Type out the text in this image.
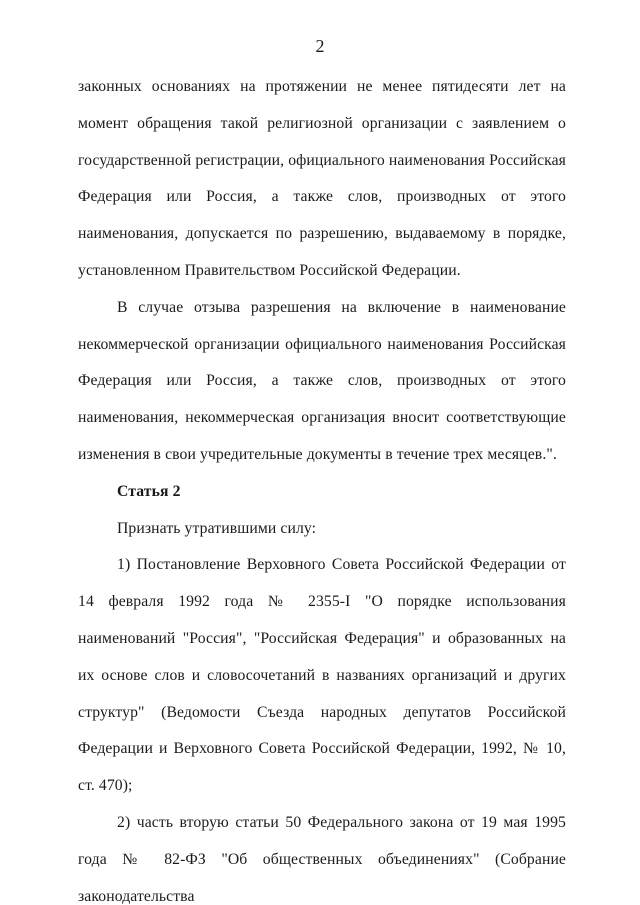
2

законных основаниях на протяжении не менее пятидесяти лет на момент обращения такой религиозной организации с заявлением о государственной регистрации, официального наименования Российская Федерация или Россия, а также слов, производных от этого наименования, допускается по разрешению, выдаваемому в порядке, установленном Правительством Российской Федерации.

В случае отзыва разрешения на включение в наименование некоммерческой организации официального наименования Российская Федерация или Россия, а также слов, производных от этого наименования, некоммерческая организация вносит соответствующие изменения в свои учредительные документы в течение трех месяцев.".

Статья 2

Признать утратившими силу:

1) Постановление Верховного Совета Российской Федерации от 14 февраля 1992 года № 2355-I "О порядке использования наименований "Россия", "Российская Федерация" и образованных на их основе слов и словосочетаний в названиях организаций и других структур" (Ведомости Съезда народных депутатов Российской Федерации и Верховного Совета Российской Федерации, 1992, № 10, ст. 470);

2) часть вторую статьи 50 Федерального закона от 19 мая 1995 года № 82-ФЗ "Об общественных объединениях" (Собрание законодательства
